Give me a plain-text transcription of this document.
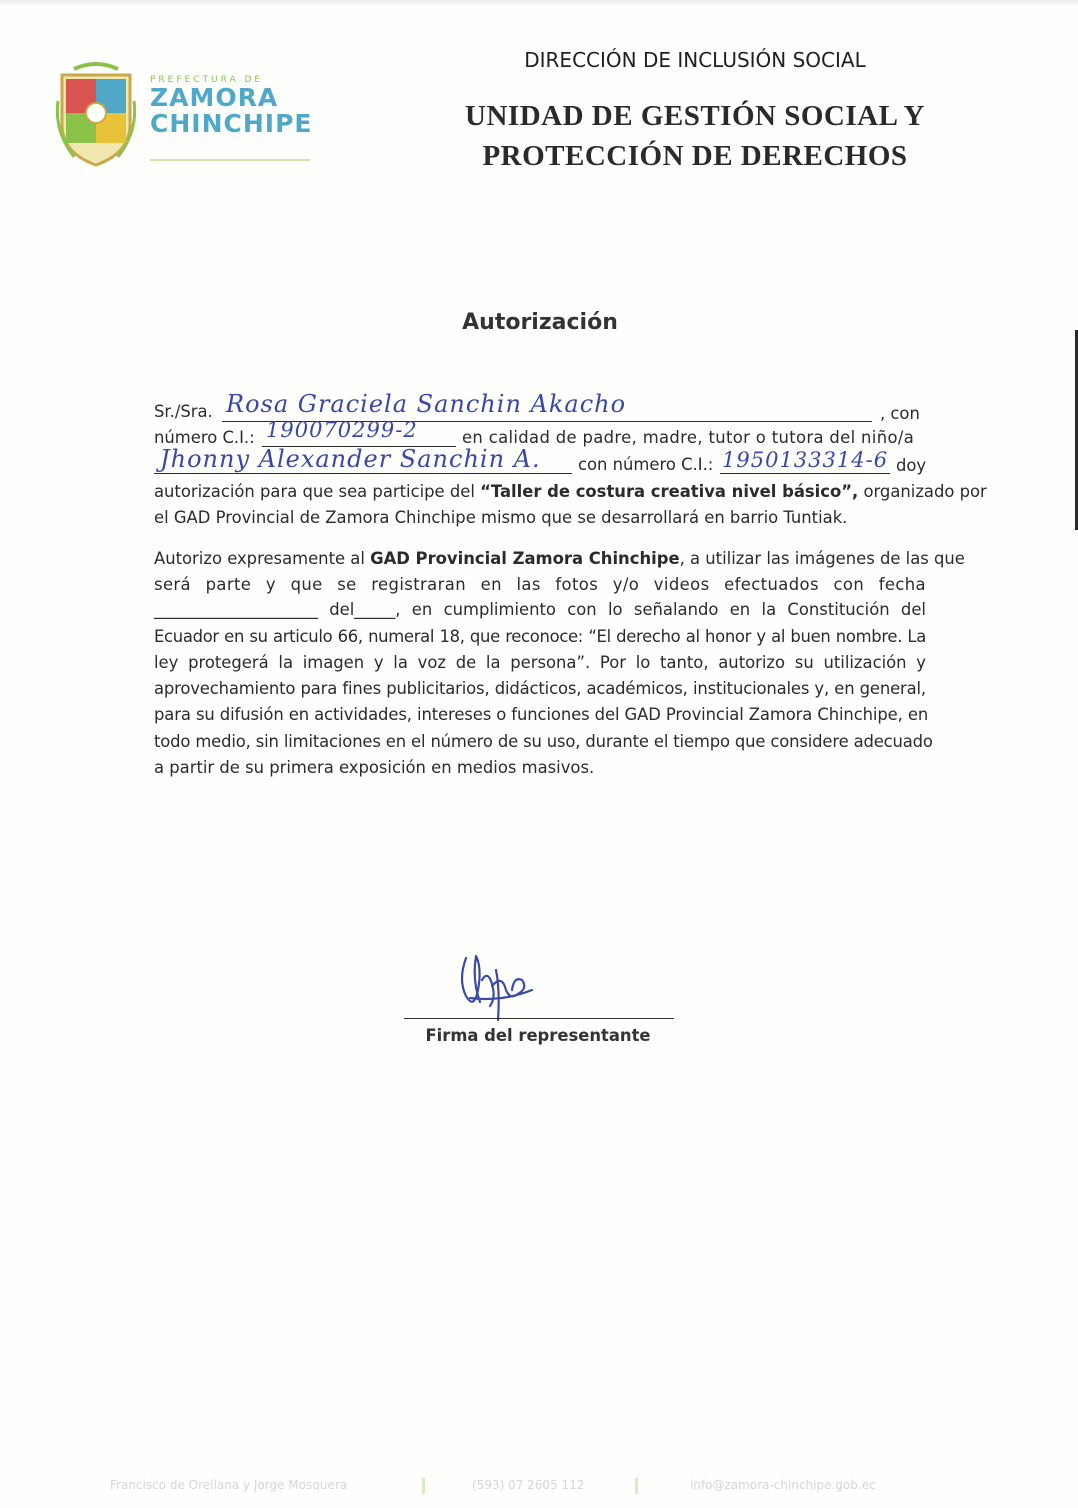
PREFECTURA DE
ZAMORA
CHINCHIPE
DIRECCIÓN DE INCLUSIÓN SOCIAL
UNIDAD DE GESTIÓN SOCIAL Y
PROTECCIÓN DE DERECHOS
Autorización
Sr./Sra. Rosa Graciela Sanchin Akacho	, con
número C.I.: 190070299-2	en calidad de padre, madre, tutor o tutora del niño/a
Jhonny Alexander Sanchin A. con número C.I.: 1950133314-6 doy
autorización para que sea participe del “Taller de costura creativa nivel básico”, organizado por
el GAD Provincial de Zamora Chinchipe mismo que se desarrollará en barrio Tuntiak.
Autorizo expresamente al GAD Provincial Zamora Chinchipe, a utilizar las imágenes de las que
será parte y que se registraran en las fotos y/o videos efectuados con fecha
____________________ del_____, en cumplimiento con lo señalando en la Constitución del
Ecuador en su articulo 66, numeral 18, que reconoce: “El derecho al honor y al buen nombre. La
ley protegerá la imagen y la voz de la persona”. Por lo tanto, autorizo su utilización y
aprovechamiento para fines publicitarios, didácticos, académicos, institucionales y, en general,
para su difusión en actividades, intereses o funciones del GAD Provincial Zamora Chinchipe, en
todo medio, sin limitaciones en el número de su uso, durante el tiempo que considere adecuado
a partir de su primera exposición en medios masivos.
Firma del representante
Francisco de Orellana y Jorge Mosquera	(593) 07 2605 112	info@zamora-chinchipe.gob.ec
